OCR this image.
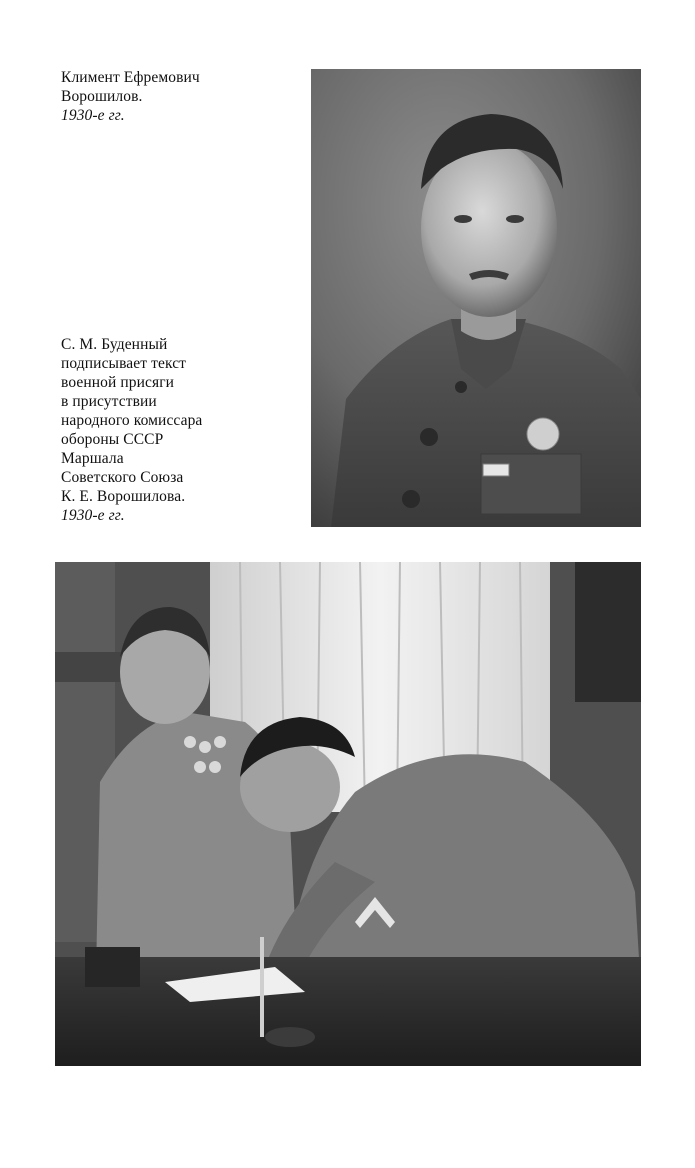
Климент Ефремович
Ворошилов.
1930-е гг.
С. М. Буденный
подписывает текст
военной присяги
в присутствии
народного комиссара
обороны СССР
Маршала
Советского Союза
К. Е. Ворошилова.
1930-е гг.
